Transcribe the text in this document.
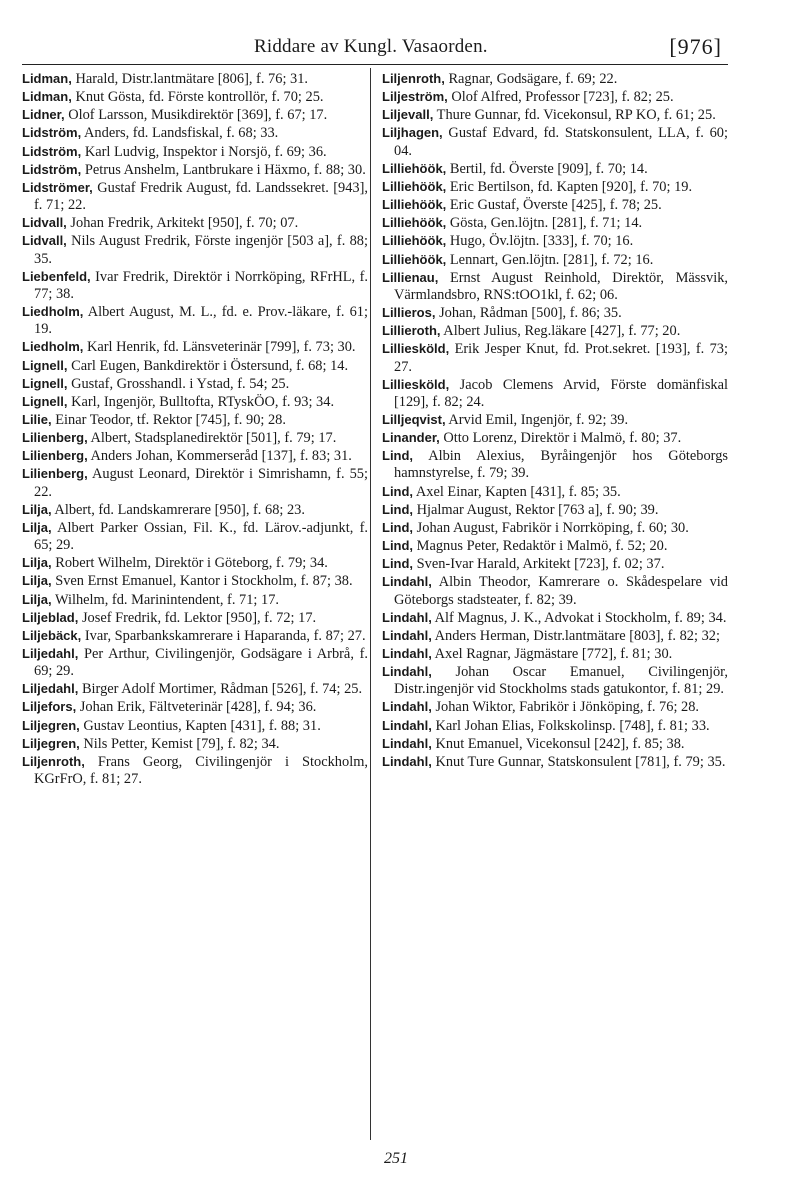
Riddare av Kungl. Vasaorden.	[976]

Lidman, Harald, Distr.lantmätare [806], f. 76; 31.

Lidman, Knut Gösta, fd. Förste kontrollör, f. 70; 25.

Lidner, Olof Larsson, Musikdirektör [369], f. 67; 17.

Lidström, Anders, fd. Landsfiskal, f. 68; 33.

Lidström, Karl Ludvig, Inspektor i Norsjö, f. 69; 36.

Lidström, Petrus Anshelm, Lantbrukare i Häxmo, f. 88; 30.

Lidströmer, Gustaf Fredrik August, fd. Landssekret. [943], f. 71; 22.

Lidvall, Johan Fredrik, Arkitekt [950], f. 70; 07.

Lidvall, Nils August Fredrik, Förste ingenjör [503 a], f. 88; 35.

Liebenfeld, Ivar Fredrik, Direktör i Norrköping, RFrHL, f. 77; 38.

Liedholm, Albert August, M. L., fd. e. Prov.-läkare, f. 61; 19.

Liedholm, Karl Henrik, fd. Länsveterinär [799], f. 73; 30.

Lignell, Carl Eugen, Bankdirektör i Östersund, f. 68; 14.

Lignell, Gustaf, Grosshandl. i Ystad, f. 54; 25.

Lignell, Karl, Ingenjör, Bulltofta, RTyskÖO, f. 93; 34.

Lilie, Einar Teodor, tf. Rektor [745], f. 90; 28.

Lilienberg, Albert, Stadsplanedirektör [501], f. 79; 17.

Lilienberg, Anders Johan, Kommerseråd [137], f. 83; 31.

Lilienberg, August Leonard, Direktör i Simrishamn, f. 55; 22.

Lilja, Albert, fd. Landskamrerare [950], f. 68; 23.

Lilja, Albert Parker Ossian, Fil. K., fd. Lärov.-adjunkt, f. 65; 29.

Lilja, Robert Wilhelm, Direktör i Göteborg, f. 79; 34.

Lilja, Sven Ernst Emanuel, Kantor i Stockholm, f. 87; 38.

Lilja, Wilhelm, fd. Marinintendent, f. 71; 17.

Liljeblad, Josef Fredrik, fd. Lektor [950], f. 72; 17.

Liljebäck, Ivar, Sparbankskamrerare i Haparanda, f. 87; 27.

Liljedahl, Per Arthur, Civilingenjör, Godsägare i Arbrå, f. 69; 29.

Liljedahl, Birger Adolf Mortimer, Rådman [526], f. 74; 25.

Liljefors, Johan Erik, Fältveterinär [428], f. 94; 36.

Liljegren, Gustav Leontius, Kapten [431], f. 88; 31.

Liljegren, Nils Petter, Kemist [79], f. 82; 34.

Liljenroth, Frans Georg, Civilingenjör i Stockholm, KGrFrO, f. 81; 27.

Liljenroth, Ragnar, Godsägare, f. 69; 22.

Liljeström, Olof Alfred, Professor [723], f. 82; 25.

Liljevall, Thure Gunnar, fd. Vicekonsul, RP KO, f. 61; 25.

Liljhagen, Gustaf Edvard, fd. Statskonsulent, LLA, f. 60; 04.

Lilliehöök, Bertil, fd. Överste [909], f. 70; 14.

Lilliehöök, Eric Bertilson, fd. Kapten [920], f. 70; 19.

Lilliehöök, Eric Gustaf, Överste [425], f. 78; 25.

Lilliehöök, Gösta, Gen.löjtn. [281], f. 71; 14.

Lilliehöök, Hugo, Öv.löjtn. [333], f. 70; 16.

Lilliehöök, Lennart, Gen.löjtn. [281], f. 72; 16.

Lillienau, Ernst August Reinhold, Direktör, Mässvik, Värmlandsbro, RNS:tOO1kl, f. 62; 06.

Lillieros, Johan, Rådman [500], f. 86; 35.

Lillieroth, Albert Julius, Reg.läkare [427], f. 77; 20.

Lilliesköld, Erik Jesper Knut, fd. Prot.sekret. [193], f. 73; 27.

Lilliesköld, Jacob Clemens Arvid, Förste domänfiskal [129], f. 82; 24.

Lilljeqvist, Arvid Emil, Ingenjör, f. 92; 39.

Linander, Otto Lorenz, Direktör i Malmö, f. 80; 37.

Lind, Albin Alexius, Byråingenjör hos Göteborgs hamnstyrelse, f. 79; 39.

Lind, Axel Einar, Kapten [431], f. 85; 35.

Lind, Hjalmar August, Rektor [763 a], f. 90; 39.

Lind, Johan August, Fabrikör i Norrköping, f. 60; 30.

Lind, Magnus Peter, Redaktör i Malmö, f. 52; 20.

Lind, Sven-Ivar Harald, Arkitekt [723], f. 02; 37.

Lindahl, Albin Theodor, Kamrerare o. Skådespelare vid Göteborgs stadsteater, f. 82; 39.

Lindahl, Alf Magnus, J. K., Advokat i Stockholm, f. 89; 34.

Lindahl, Anders Herman, Distr.lantmätare [803], f. 82; 32;

Lindahl, Axel Ragnar, Jägmästare [772], f. 81; 30.

Lindahl, Johan Oscar Emanuel, Civilingenjör, Distr.ingenjör vid Stockholms stads gatukontor, f. 81; 29.

Lindahl, Johan Wiktor, Fabrikör i Jönköping, f. 76; 28.

Lindahl, Karl Johan Elias, Folkskolinsp. [748], f. 81; 33.

Lindahl, Knut Emanuel, Vicekonsul [242], f. 85; 38.

Lindahl, Knut Ture Gunnar, Statskonsulent [781], f. 79; 35.

251
